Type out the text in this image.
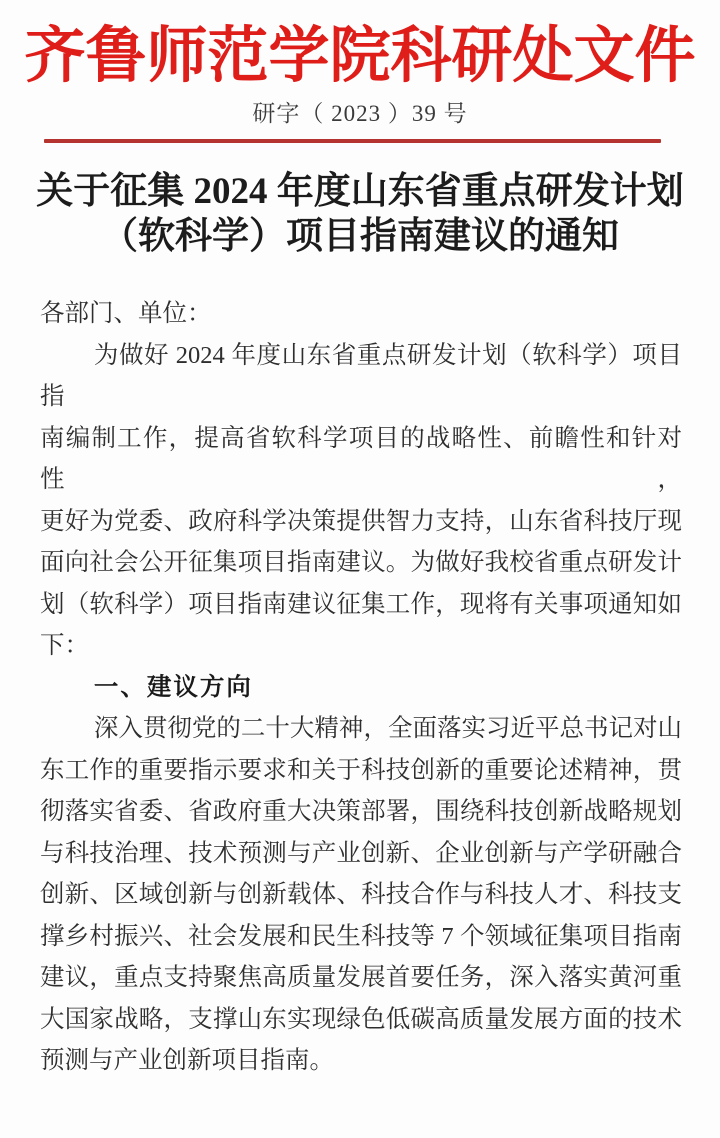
齐鲁师范学院科研处文件
研字（ 2023 ）39 号
关于征集 2024 年度山东省重点研发计划
（软科学）项目指南建议的通知
各部门、单位：
为做好 2024 年度山东省重点研发计划（软科学）项目指
南编制工作，提高省软科学项目的战略性、前瞻性和针对性，
更好为党委、政府科学决策提供智力支持，山东省科技厅现
面向社会公开征集项目指南建议。为做好我校省重点研发计
划（软科学）项目指南建议征集工作，现将有关事项通知如
下：
一、建议方向
深入贯彻党的二十大精神，全面落实习近平总书记对山
东工作的重要指示要求和关于科技创新的重要论述精神，贯
彻落实省委、省政府重大决策部署，围绕科技创新战略规划
与科技治理、技术预测与产业创新、企业创新与产学研融合
创新、区域创新与创新载体、科技合作与科技人才、科技支
撑乡村振兴、社会发展和民生科技等 7 个领域征集项目指南
建议，重点支持聚焦高质量发展首要任务，深入落实黄河重
大国家战略，支撑山东实现绿色低碳高质量发展方面的技术
预测与产业创新项目指南。
